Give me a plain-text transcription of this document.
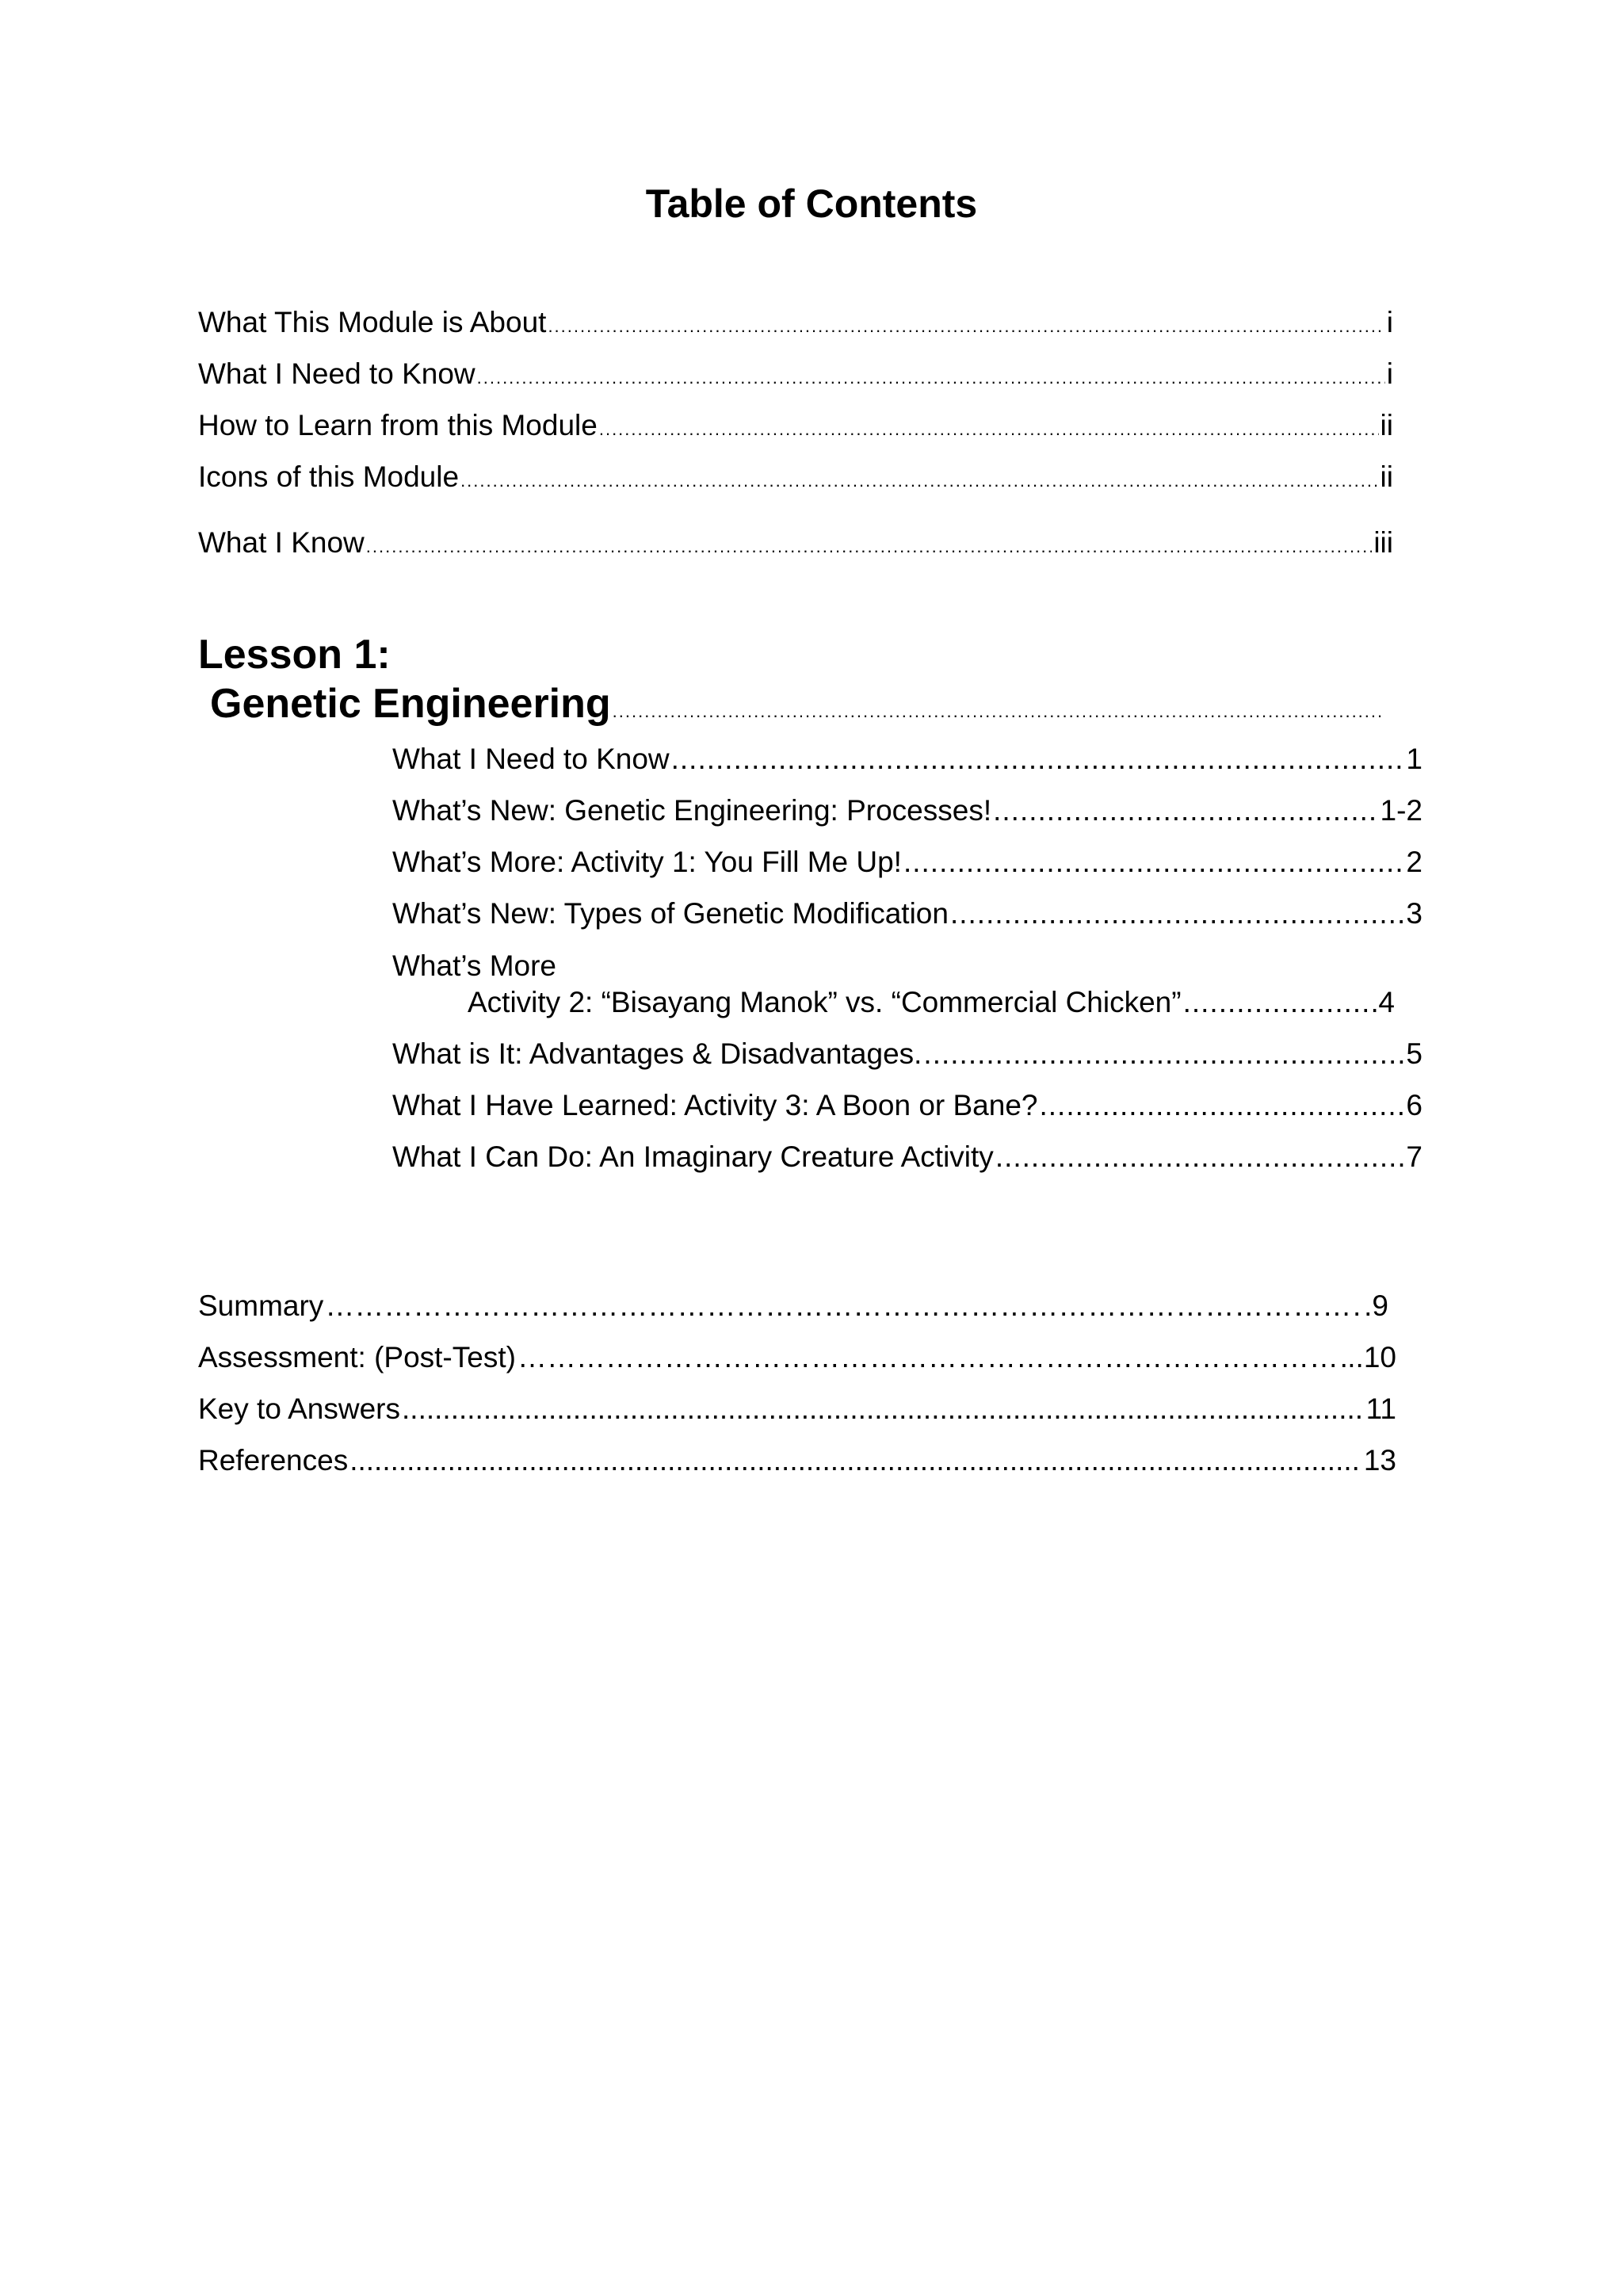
Table of Contents
What This Module is About .....	i
What I Need to Know .....	i
How to Learn from this Module .....	ii
Icons of this Module .....	ii
What I Know .....	iii
Lesson 1:
Genetic Engineering
.....
What I Need to Know .....	1
What’s New: Genetic Engineering: Processes! .....	1-2
What’s More: Activity 1: You Fill Me Up! .....	2
What’s New: Types of Genetic Modification .....	3
What’s More
Activity 2: “Bisayang Manok” vs. “Commercial Chicken” .....	4
What is It: Advantages & Disadvantages. .....	5
What I Have Learned: Activity 3: A Boon or Bane? .....	6
What I Can Do: An Imaginary Creature Activity .....	7
Summary ………………………………………………………………………………………………………………………………………………	.9
Assessment: (Post-Test) ………………………………………………………………………………………………………………………………………………	..10
Key to Answers .....	11
References .....	13
